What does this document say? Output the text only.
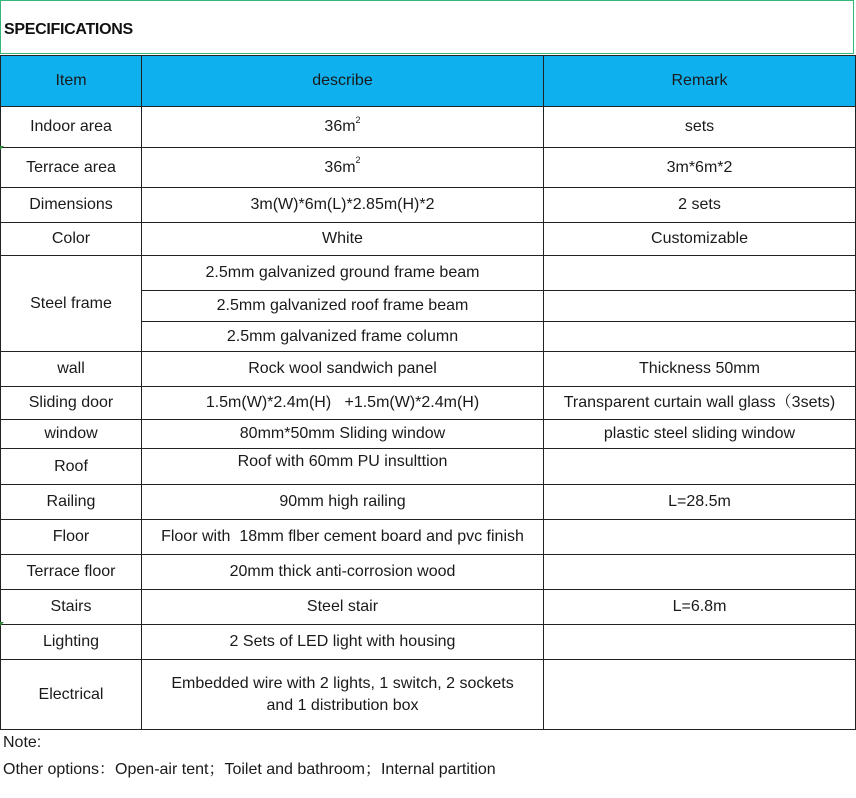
SPECIFICATIONS
Item	describe	Remark
Indoor area	$36m^2$	sets
Terrace area	$36m^2$	3m*6m*2
Dimensions	3m(W)*6m(L)*2.85m(H)*2	2 sets
Color	White	Customizable
Steel frame	2.5mm galvanized ground frame beam	
	2.5mm galvanized roof frame beam	
	2.5mm galvanized frame column	
wall	Rock wool sandwich panel	Thickness 50mm
Sliding door	1.5m(W)*2.4m(H)   +1.5m(W)*2.4m(H)	Transparent curtain wall glass（3sets)
window	80mm*50mm Sliding window	plastic steel sliding window
Roof	Roof with 60mm PU insulttion	
Railing	90mm high railing	L=28.5m
Floor	Floor with  18mm flber cement board and pvc finish	
Terrace floor	20mm thick anti-corrosion wood	
Stairs	Steel stair	L=6.8m
Lighting	2 Sets of LED light with housing	
Electrical	Embedded wire with 2 lights, 1 switch, 2 sockets and 1 distribution box	
Note:
Other options：Open-air tent；Toilet and bathroom；Internal partition
